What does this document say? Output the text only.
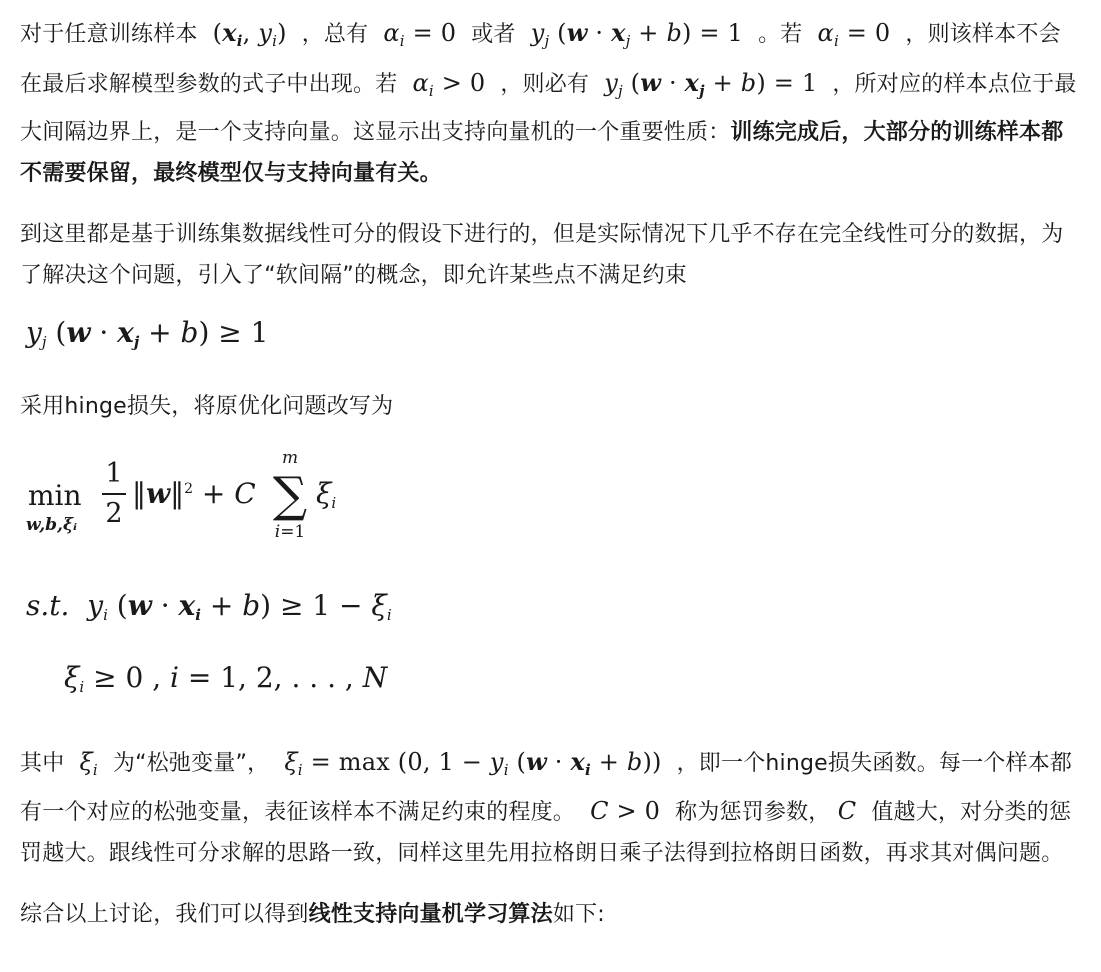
对于任意训练样本  ($x_i$, $y_i$)  ，总有 $\alpha_i = 0$  或者 $y_j$ $(w \cdot x_j + b) = 1$  。若 $\alpha_i = 0$  ，则该样本不会在最后求解模型参数的式子中出现。若 $\alpha_i > 0$  ，则必有 $y_j$ $(w \cdot x_j + b) = 1$  ，所对应的样本点位于最大间隔边界上，是一个支持向量。这显示出支持向量机的一个重要性质：训练完成后，大部分的训练样本都不需要保留，最终模型仅与支持向量有关。

到这里都是基于训练集数据线性可分的假设下进行的，但是实际情况下几乎不存在完全线性可分的数据，为了解决这个问题，引入了“软间隔”的概念，即允许某些点不满足约束

$y_j$ $(w \cdot x_j + b) \ge 1$

采用hinge损失，将原优化问题改写为

min
w,b,ξᵢ
1
2
‖w‖$^2$ + C
m
∑
i=1
$\xi_i$
s.t. $y_i$ $(w \cdot x_i + b) \ge 1 - \xi_i$
$\xi_i \ge 0$ , i = 1, 2, . . . , N

其中 $\xi_i$ 为“松弛变量”， $\xi_i = \max (0$, $1 - y_i$ $(w \cdot x_i + b)$)  ，即一个hinge损失函数。每一个样本都有一个对应的松弛变量，表征该样本不满足约束的程度。 C > 0  称为惩罚参数， C 值越大，对分类的惩罚越大。跟线性可分求解的思路一致，同样这里先用拉格朗日乘子法得到拉格朗日函数，再求其对偶问题。

综合以上讨论，我们可以得到线性支持向量机学习算法如下:
